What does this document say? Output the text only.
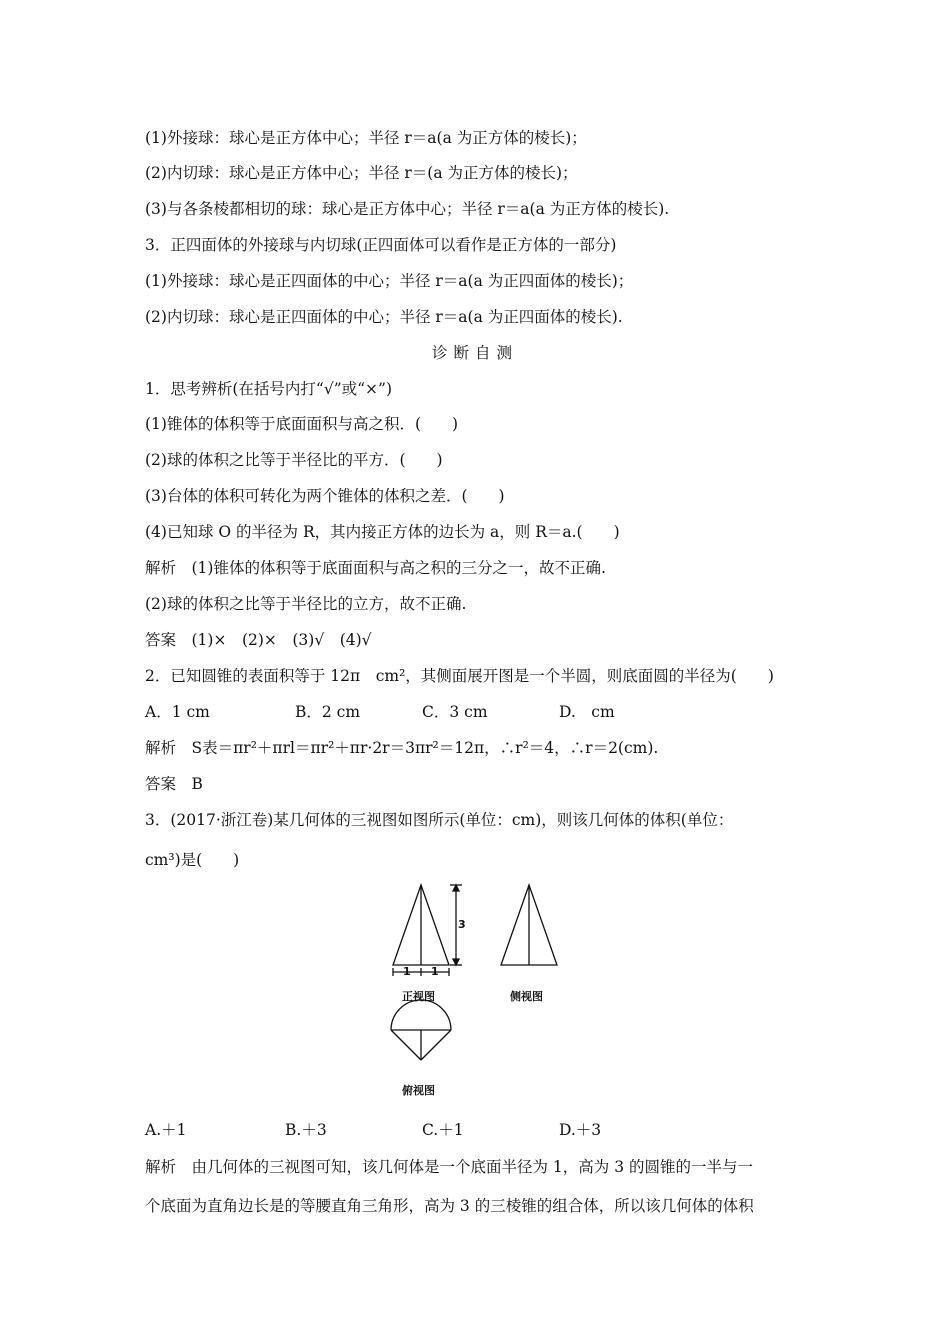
(1)外接球：球心是正方体中心；半径 r＝a(a 为正方体的棱长)；
(2)内切球：球心是正方体中心；半径 r＝(a 为正方体的棱长)；
(3)与各条棱都相切的球：球心是正方体中心；半径 r＝a(a 为正方体的棱长).
3．正四面体的外接球与内切球(正四面体可以看作是正方体的一部分)
(1)外接球：球心是正四面体的中心；半径 r＝a(a 为正四面体的棱长)；
(2)内切球：球心是正四面体的中心；半径 r＝a(a 为正四面体的棱长).
诊断自测
1．思考辨析(在括号内打“√”或“×”)
(1)锥体的体积等于底面面积与高之积．(　　)
(2)球的体积之比等于半径比的平方．(　　)
(3)台体的体积可转化为两个锥体的体积之差．(　　)
(4)已知球 O 的半径为 R，其内接正方体的边长为 a，则 R＝a.(　　)
解析　(1)锥体的体积等于底面面积与高之积的三分之一，故不正确.
(2)球的体积之比等于半径比的立方，故不正确.
答案　(1)×　(2)×　(3)√　(4)√
2．已知圆锥的表面积等于 12π　cm²，其侧面展开图是一个半圆，则底面圆的半径为(　　)
A．1 cm	B．2 cm	C．3 cm	D.　cm
解析　S表＝πr²＋πrl＝πr²＋πr·2r＝3πr²＝12π，∴r²＝4，∴r＝2(cm).
答案　B
3．(2017·浙江卷)某几何体的三视图如图所示(单位：cm)，则该几何体的体积(单位：
cm³)是(　　)
3
1 1
正视图	侧视图
俯视图
A.＋1	B.＋3	C.＋1	D.＋3
解析　由几何体的三视图可知，该几何体是一个底面半径为 1，高为 3 的圆锥的一半与一
个底面为直角边长是的等腰直角三角形，高为 3 的三棱锥的组合体，所以该几何体的体积
